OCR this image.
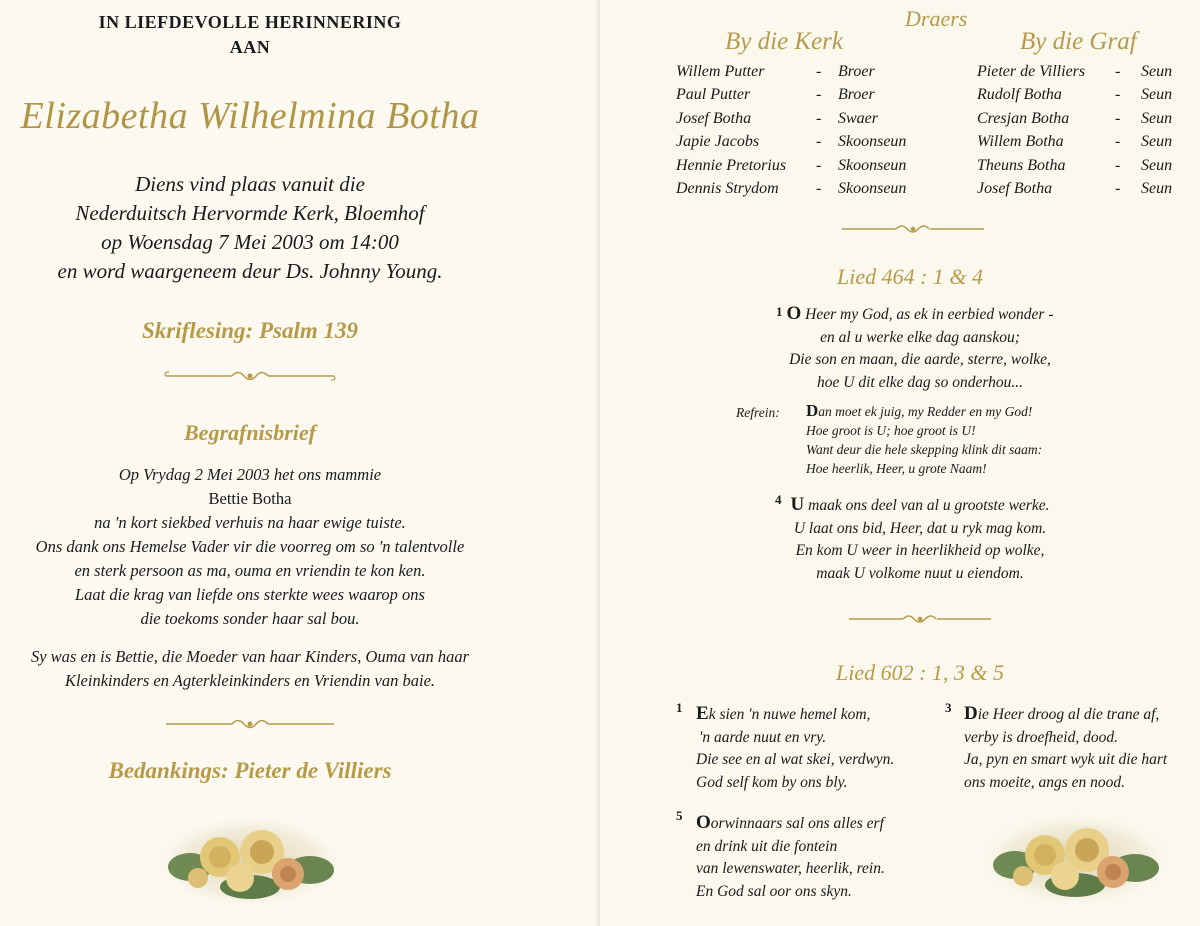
IN LIEFDEVOLLE HERINNERING
AAN
Elizabetha Wilhelmina Botha
Diens vind plaas vanuit die
Nederduitsch Hervormde Kerk, Bloemhof
op Woensdag 7 Mei 2003 om 14:00
en word waargeneem deur Ds. Johnny Young.
Skriflesing: Psalm 139
Begrafnisbrief
Op Vrydag 2 Mei 2003 het ons mammie
Bettie Botha
na 'n kort siekbed verhuis na haar ewige tuiste.
Ons dank ons Hemelse Vader vir die voorreg om so 'n talentvolle
en sterk persoon as ma, ouma en vriendin te kon ken.
Laat die krag van liefde ons sterkte wees waarop ons
die toekoms sonder haar sal bou.
Sy was en is Bettie, die Moeder van haar Kinders, Ouma van haar
Kleinkinders en Agterkleinkinders en Vriendin van baie.
Bedankings: Pieter de Villiers
Draers
By die Kerk	By die Graf
Willem Putter	-	Broer
Paul Putter	-	Broer
Josef Botha	-	Swaer
Japie Jacobs	-	Skoonseun
Hennie Pretorius	-	Skoonseun
Dennis Strydom	-	Skoonseun
Pieter de Villiers	-	Seun
Rudolf Botha	-	Seun
Cresjan Botha	-	Seun
Willem Botha	-	Seun
Theuns Botha	-	Seun
Josef Botha	-	Seun
Lied 464 : 1 & 4
1 O Heer my God, as ek in eerbied wonder -
en al u werke elke dag aanskou;
Die son en maan, die aarde, sterre, wolke,
hoe U dit elke dag so onderhou...
Refrein: Dan moet ek juig, my Redder en my God!
Hoe groot is U; hoe groot is U!
Want deur die hele skepping klink dit saam:
Hoe heerlik, Heer, u grote Naam!
4 U maak ons deel van al u grootste werke.
U laat ons bid, Heer, dat u ryk mag kom.
En kom U weer in heerlikheid op wolke,
maak U volkome nuut u eiendom.
Lied 602 : 1, 3 & 5
1 Ek sien 'n nuwe hemel kom,
'n aarde nuut en vry.
Die see en al wat skei, verdwyn.
God self kom by ons bly.
3 Die Heer droog al die trane af,
verby is droefheid, dood.
Ja, pyn en smart wyk uit die hart
ons moeite, angs en nood.
5 Oorwinnaars sal ons alles erf
en drink uit die fontein
van lewenswater, heerlik, rein.
En God sal oor ons skyn.
